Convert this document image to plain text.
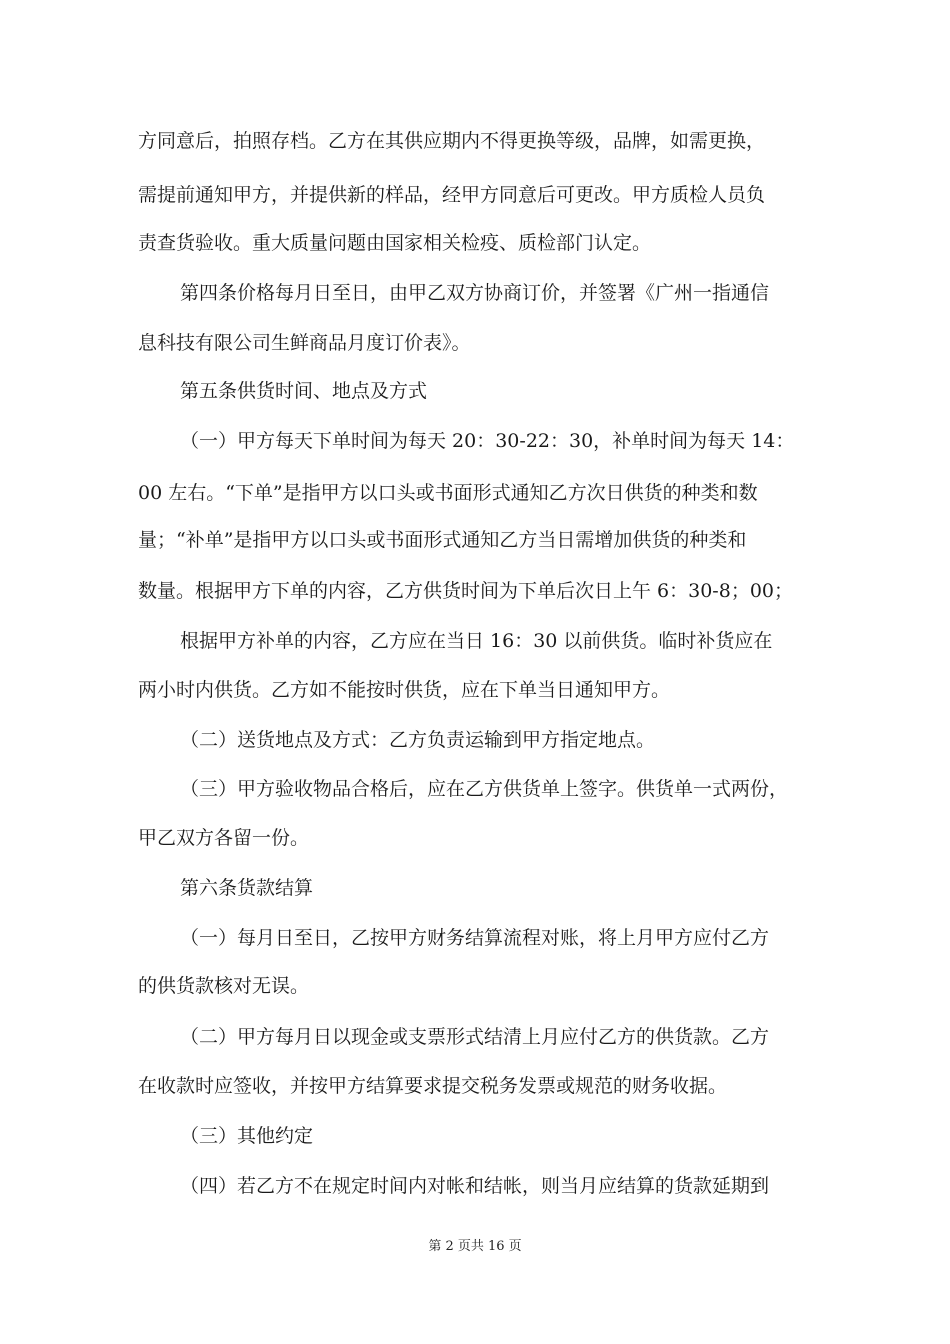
方同意后，拍照存档。乙方在其供应期内不得更换等级，品牌，如需更换，
需提前通知甲方，并提供新的样品，经甲方同意后可更改。甲方质检人员负
责查货验收。重大质量问题由国家相关检疫、质检部门认定。
第四条价格每月日至日，由甲乙双方协商订价，并签署《广州一指通信
息科技有限公司生鲜商品月度订价表》。
第五条供货时间、地点及方式
（一）甲方每天下单时间为每天 20：30-22：30，补单时间为每天 14：
00 左右。“下单”是指甲方以口头或书面形式通知乙方次日供货的种类和数
量；“补单”是指甲方以口头或书面形式通知乙方当日需增加供货的种类和
数量。根据甲方下单的内容，乙方供货时间为下单后次日上午 6：30-8；00；
根据甲方补单的内容，乙方应在当日 16：30 以前供货。临时补货应在
两小时内供货。乙方如不能按时供货，应在下单当日通知甲方。
（二）送货地点及方式：乙方负责运输到甲方指定地点。
（三）甲方验收物品合格后，应在乙方供货单上签字。供货单一式两份，
甲乙双方各留一份。
第六条货款结算
（一）每月日至日，乙按甲方财务结算流程对账，将上月甲方应付乙方
的供货款核对无误。
（二）甲方每月日以现金或支票形式结清上月应付乙方的供货款。乙方
在收款时应签收，并按甲方结算要求提交税务发票或规范的财务收据。
（三）其他约定
（四）若乙方不在规定时间内对帐和结帐，则当月应结算的货款延期到
第 2 页共 16 页
